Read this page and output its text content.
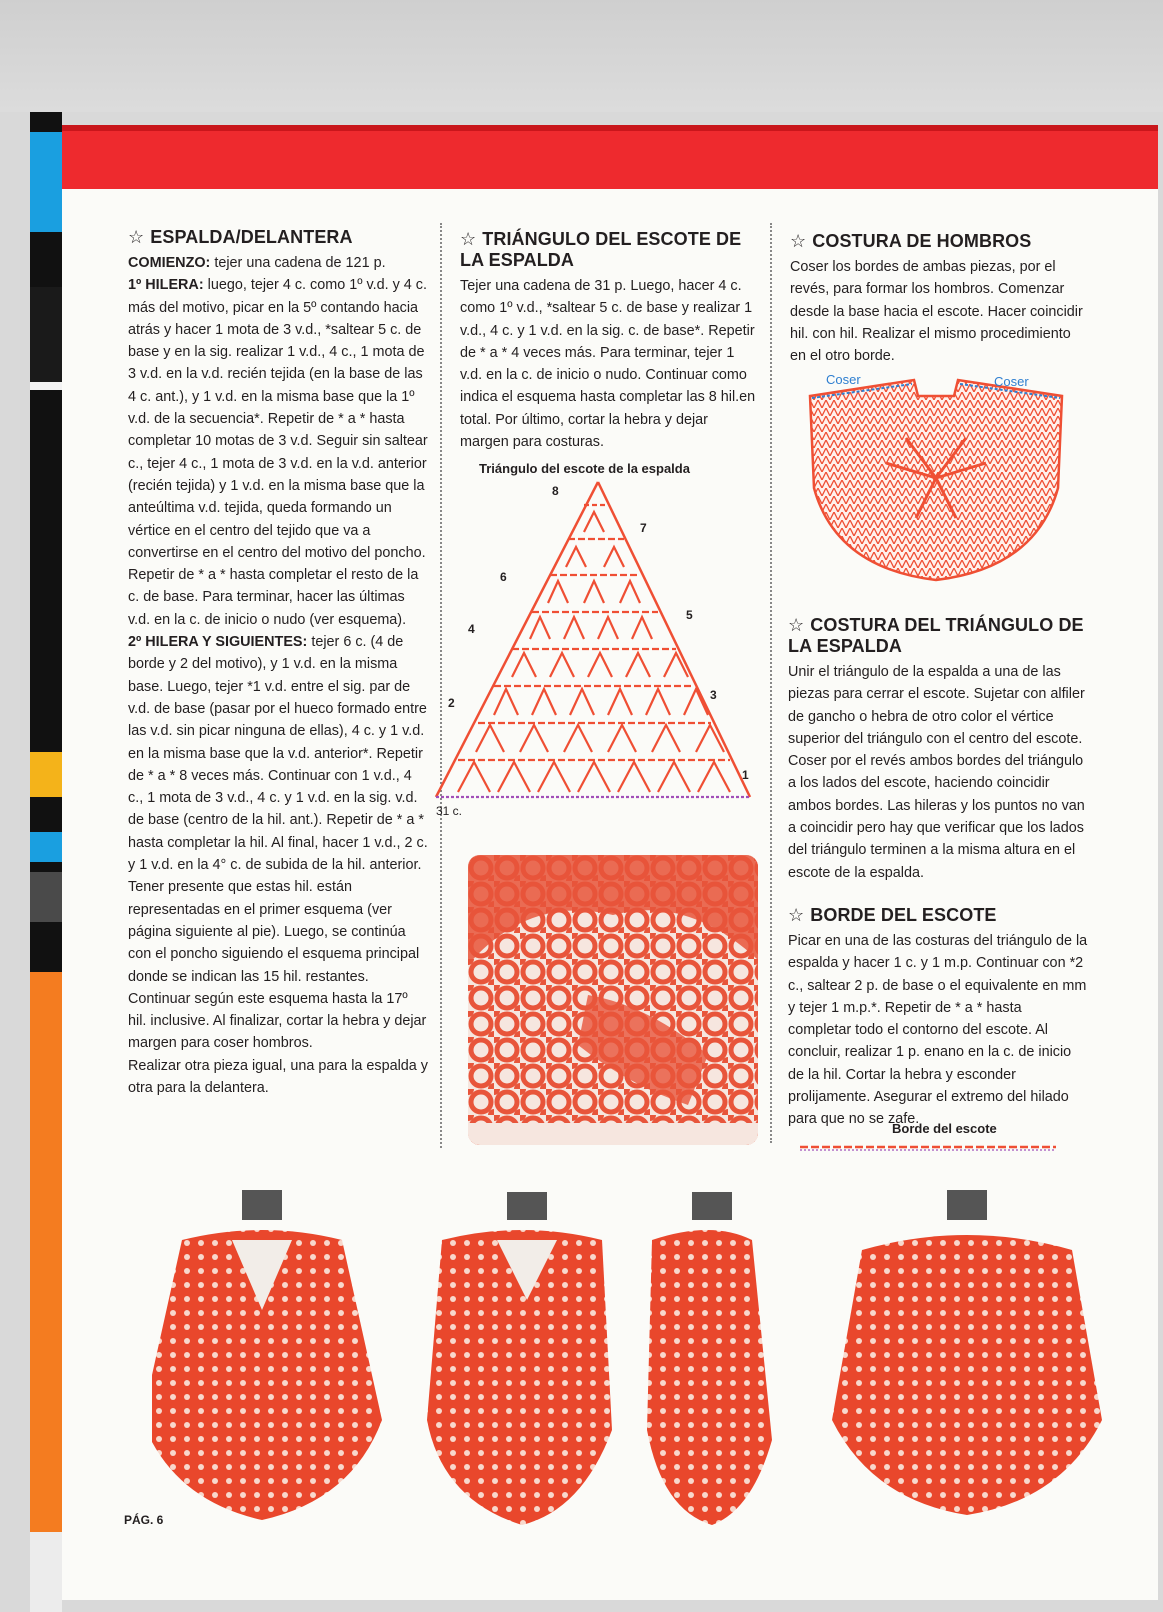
☆ ESPALDA/DELANTERA

COMIENZO: tejer una cadena de 121 p.

1º HILERA: luego, tejer 4 c. como 1º v.d. y 4 c. más del motivo, picar en la 5º contando hacia atrás y hacer 1 mota de 3 v.d., *saltear 5 c. de base y en la sig. realizar 1 v.d., 4 c., 1 mota de 3 v.d. en la v.d. recién tejida (en la base de las 4 c. ant.), y 1 v.d. en la misma base que la 1º v.d. de la secuencia*. Repetir de * a * hasta completar 10 motas de 3 v.d. Seguir sin saltear c., tejer 4 c., 1 mota de 3 v.d. en la v.d. anterior (recién tejida) y 1 v.d. en la misma base que la anteúltima v.d. tejida, queda formando un vértice en el centro del tejido que va a convertirse en el centro del motivo del poncho. Repetir de * a * hasta completar el resto de la c. de base. Para terminar, hacer las últimas v.d. en la c. de inicio o nudo (ver esquema).

2º HILERA Y SIGUIENTES: tejer 6 c. (4 de borde y 2 del motivo), y 1 v.d. en la misma base. Luego, tejer *1 v.d. entre el sig. par de v.d. de base (pasar por el hueco formado entre las v.d. sin picar ninguna de ellas), 4 c. y 1 v.d. en la misma base que la v.d. anterior*. Repetir de * a * 8 veces más. Continuar con 1 v.d., 4 c., 1 mota de 3 v.d., 4 c. y 1 v.d. en la sig. v.d. de base (centro de la hil. ant.). Repetir de * a * hasta completar la hil. Al final, hacer 1 v.d., 2 c. y 1 v.d. en la 4° c. de subida de la hil. anterior.

Tener presente que estas hil. están representadas en el primer esquema (ver página siguiente al pie). Luego, se continúa con el poncho siguiendo el esquema principal donde se indican las 15 hil. restantes. Continuar según este esquema hasta la 17º hil. inclusive. Al finalizar, cortar la hebra y dejar margen para coser hombros.

Realizar otra pieza igual, una para la espalda y otra para la delantera.

☆ TRIÁNGULO DEL ESCOTE DE LA ESPALDA

Tejer una cadena de 31 p. Luego, hacer 4 c. como 1º v.d., *saltear 5 c. de base y realizar 1 v.d., 4 c. y 1 v.d. en la sig. c. de base*. Repetir de * a * 4 veces más. Para terminar, tejer 1 v.d. en la c. de inicio o nudo. Continuar como indica el esquema hasta completar las 8 hil.en total. Por último, cortar la hebra y dejar margen para costuras.

Triángulo del escote de la espalda
1
2
3
4
5
6
7
8
31 c.
☆ COSTURA DE HOMBROS

Coser los bordes de ambas piezas, por el revés, para formar los hombros. Comenzar desde la base hacia el escote. Hacer coincidir hil. con hil. Realizar el mismo procedimiento en el otro borde.

Coser	Coser
☆ COSTURA DEL TRIÁNGULO DE LA ESPALDA

Unir el triángulo de la espalda a una de las piezas para cerrar el escote. Sujetar con alfiler de gancho o hebra de otro color el vértice superior del triángulo con el centro del escote. Coser por el revés ambos bordes del triángulo a los lados del escote, haciendo coincidir ambos bordes. Las hileras y los puntos no van a coincidir pero hay que verificar que los lados del triángulo terminen a la misma altura en el escote de la espalda.

☆ BORDE DEL ESCOTE

Picar en una de las costuras del triángulo de la espalda y hacer 1 c. y 1 m.p. Continuar con *2 c., saltear 2 p. de base o el equivalente en mm y tejer 1 m.p.*. Repetir de * a * hasta completar todo el contorno del escote. Al concluir, realizar 1 p. enano en la c. de inicio de la hil. Cortar la hebra y esconder prolijamente. Asegurar el extremo del hilado para que no se zafe.

Borde del escote
PÁG. 6
